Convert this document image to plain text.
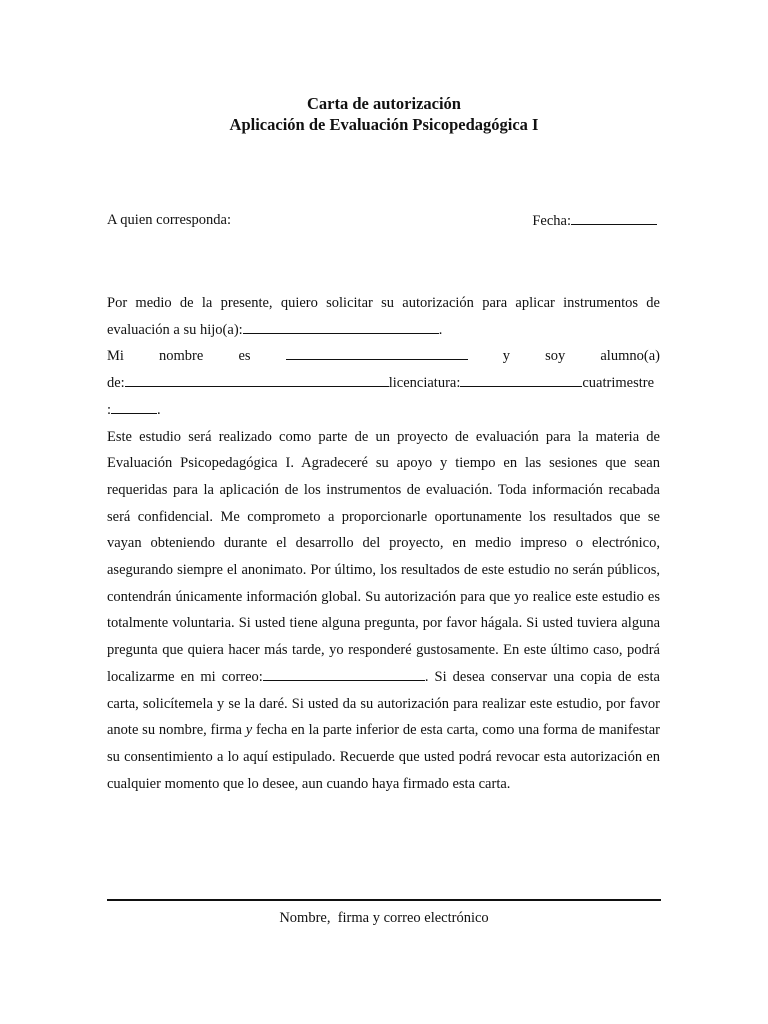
Carta de autorización
Aplicación de Evaluación Psicopedagógica I
A quien corresponda:	Fecha:
Por medio de la presente, quiero solicitar su autorización para aplicar instrumentos de
evaluación a su hijo(a):	.
Mi nombre es	y soy alumno(a)
de:	licenciatura:	cuatrimestre
:	.

Este estudio será realizado como parte de un proyecto de evaluación para la materia de Evaluación Psicopedagógica I. Agradeceré su apoyo y tiempo en las sesiones que sean requeridas para la aplicación de los instrumentos de evaluación. Toda información recabada será confidencial. Me comprometo a proporcionarle oportunamente los resultados que se vayan obteniendo durante el desarrollo del proyecto, en medio impreso o electrónico, asegurando siempre el anonimato. Por último, los resultados de este estudio no serán públicos, contendrán únicamente información global. Su autorización para que yo realice este estudio es totalmente voluntaria. Si usted tiene alguna pregunta, por favor hágala. Si usted tuviera alguna pregunta que quiera hacer más tarde, yo responderé gustosamente. En este último caso, podrá localizarme en mi correo:	. Si desea conservar una copia de esta carta, solicítemela y se la daré. Si usted da su autorización para realizar este estudio, por favor anote su nombre, firma y fecha en la parte inferior de esta carta, como una forma de manifestar su consentimiento a lo aquí estipulado. Recuerde que usted podrá revocar esta autorización en cualquier momento que lo desee, aun cuando haya firmado esta carta.

Nombre,  firma y correo electrónico
